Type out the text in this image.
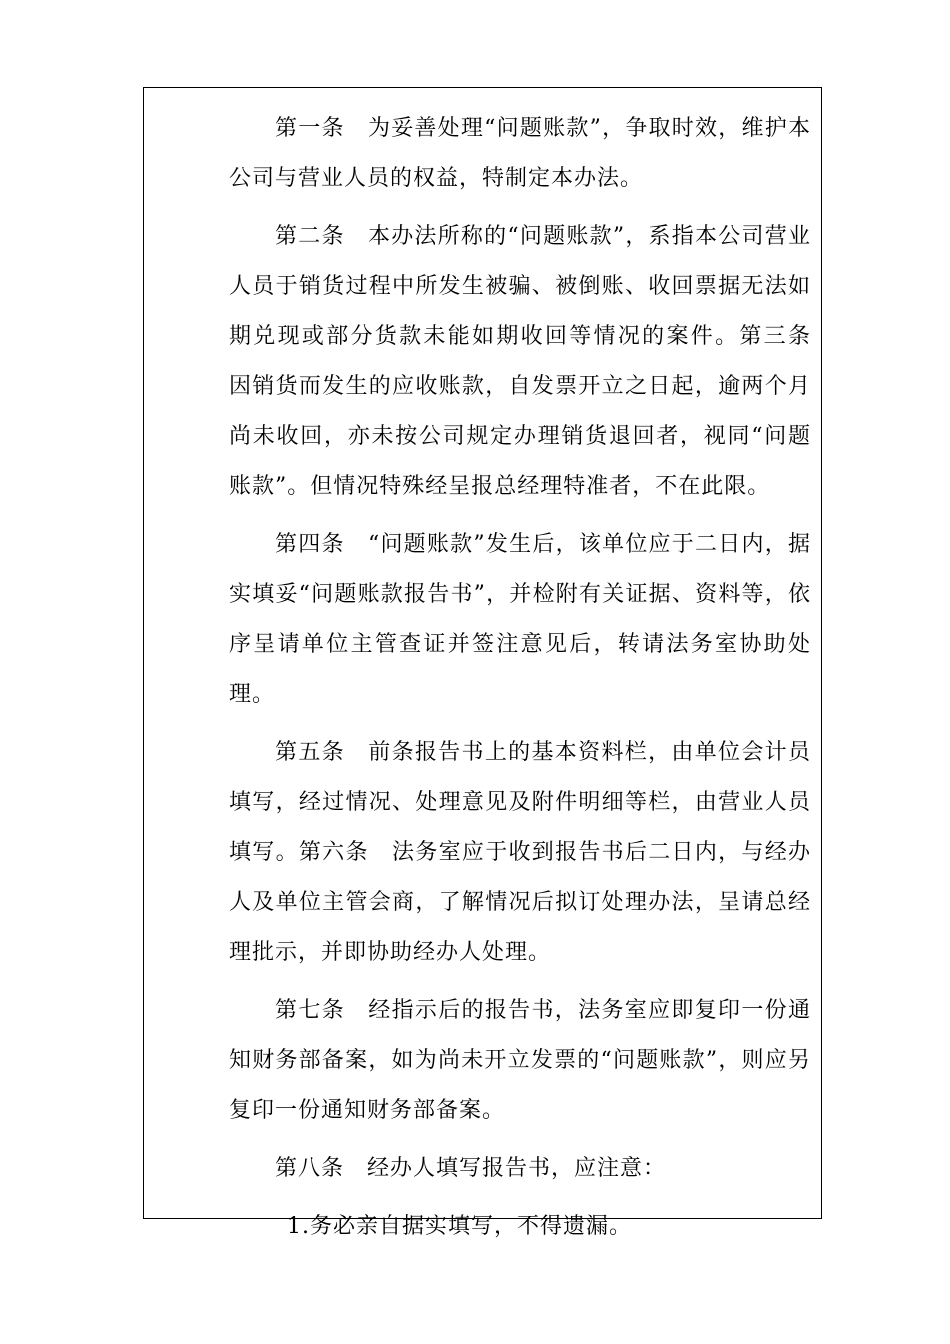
第一条　为妥善处理“问题账款”，争取时效，维护本公司与营业人员的权益，特制定本办法。

第二条　本办法所称的“问题账款”，系指本公司营业人员于销货过程中所发生被骗、被倒账、收回票据无法如期兑现或部分货款未能如期收回等情况的案件。第三条　因销货而发生的应收账款，自发票开立之日起，逾两个月尚未收回，亦未按公司规定办理销货退回者，视同“问题账款”。但情况特殊经呈报总经理特准者，不在此限。

第四条　“问题账款”发生后，该单位应于二日内，据实填妥“问题账款报告书”，并检附有关证据、资料等，依序呈请单位主管查证并签注意见后，转请法务室协助处理。

第五条　前条报告书上的基本资料栏，由单位会计员填写，经过情况、处理意见及附件明细等栏，由营业人员填写。第六条　法务室应于收到报告书后二日内，与经办人及单位主管会商，了解情况后拟订处理办法，呈请总经理批示，并即协助经办人处理。

第七条　经指示后的报告书，法务室应即复印一份通知财务部备案，如为尚未开立发票的“问题账款”，则应另复印一份通知财务部备案。

第八条　经办人填写报告书，应注意：

1.务必亲自据实填写，不得遗漏。
